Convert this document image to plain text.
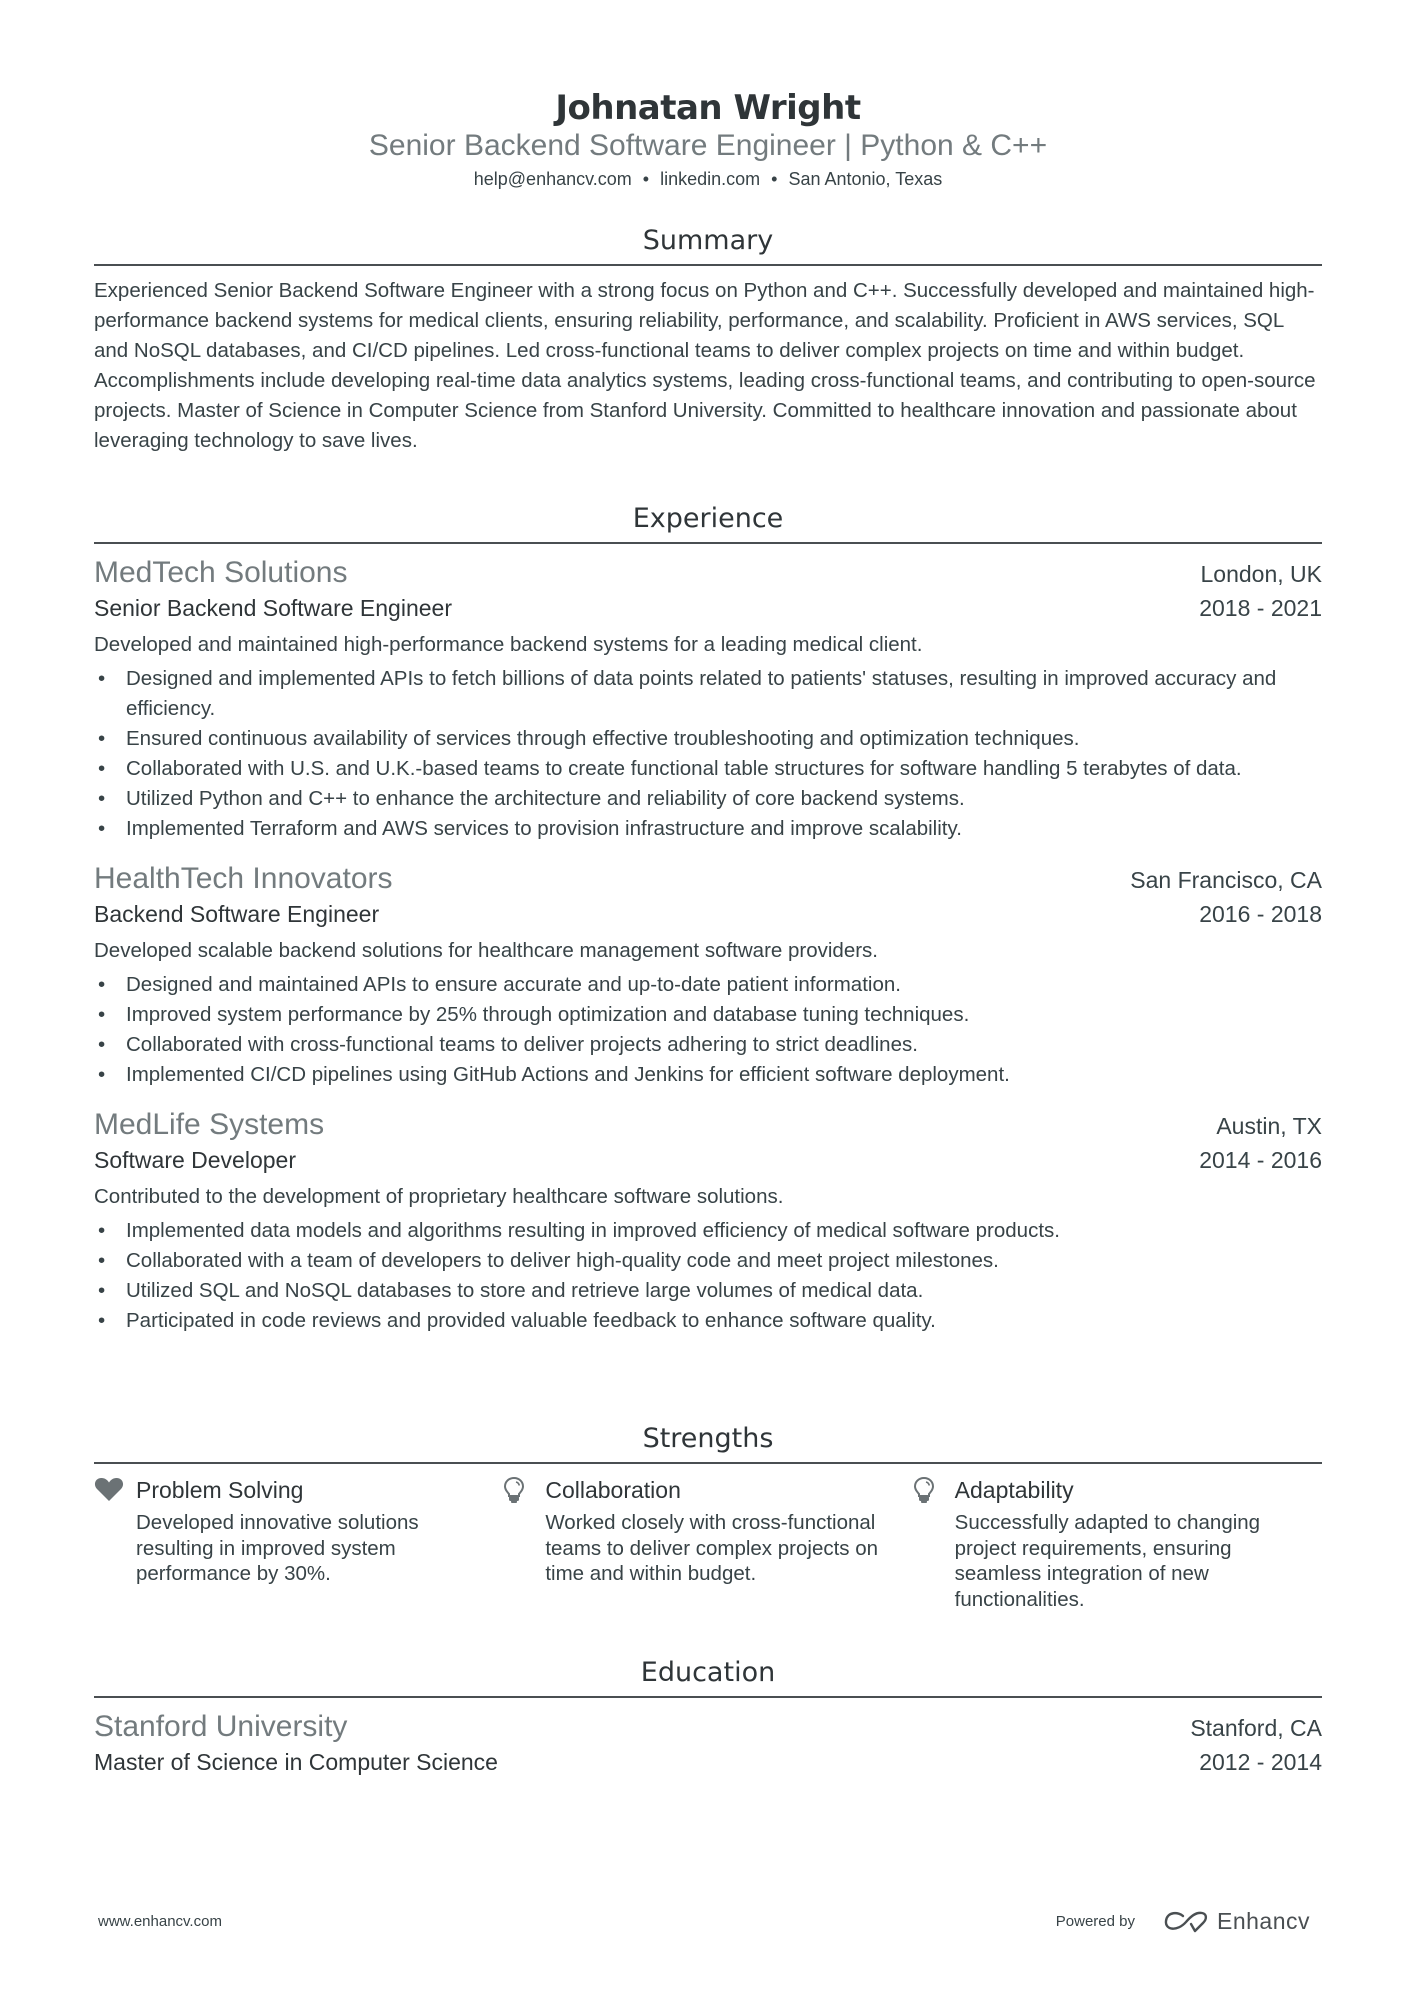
Johnatan Wright
Senior Backend Software Engineer | Python & C++
help@enhancv.com • linkedin.com • San Antonio, Texas
Summary

Experienced Senior Backend Software Engineer with a strong focus on Python and C++. Successfully developed and maintained high-performance backend systems for medical clients, ensuring reliability, performance, and scalability. Proficient in AWS services, SQL and NoSQL databases, and CI/CD pipelines. Led cross-functional teams to deliver complex projects on time and within budget. Accomplishments include developing real-time data analytics systems, leading cross-functional teams, and contributing to open-source projects. Master of Science in Computer Science from Stanford University. Committed to healthcare innovation and passionate about leveraging technology to save lives.

Experience
MedTech Solutions	London, UK
Senior Backend Software Engineer	2018 - 2021
Developed and maintained high-performance backend systems for a leading medical client.
• Designed and implemented APIs to fetch billions of data points related to patients' statuses, resulting in improved accuracy and efficiency.
• Ensured continuous availability of services through effective troubleshooting and optimization techniques.
• Collaborated with U.S. and U.K.-based teams to create functional table structures for software handling 5 terabytes of data.
• Utilized Python and C++ to enhance the architecture and reliability of core backend systems.
• Implemented Terraform and AWS services to provision infrastructure and improve scalability.
HealthTech Innovators	San Francisco, CA
Backend Software Engineer	2016 - 2018
Developed scalable backend solutions for healthcare management software providers.
• Designed and maintained APIs to ensure accurate and up-to-date patient information.
• Improved system performance by 25% through optimization and database tuning techniques.
• Collaborated with cross-functional teams to deliver projects adhering to strict deadlines.
• Implemented CI/CD pipelines using GitHub Actions and Jenkins for efficient software deployment.
MedLife Systems	Austin, TX
Software Developer	2014 - 2016
Contributed to the development of proprietary healthcare software solutions.
• Implemented data models and algorithms resulting in improved efficiency of medical software products.
• Collaborated with a team of developers to deliver high-quality code and meet project milestones.
• Utilized SQL and NoSQL databases to store and retrieve large volumes of medical data.
• Participated in code reviews and provided valuable feedback to enhance software quality.
Strengths
Problem Solving
Developed innovative solutions resulting in improved system performance by 30%.
Collaboration
Worked closely with cross-functional teams to deliver complex projects on time and within budget.
Adaptability
Successfully adapted to changing project requirements, ensuring seamless integration of new functionalities.
Education
Stanford University	Stanford, CA
Master of Science in Computer Science	2012 - 2014
www.enhancv.com	Powered by	Enhancv
